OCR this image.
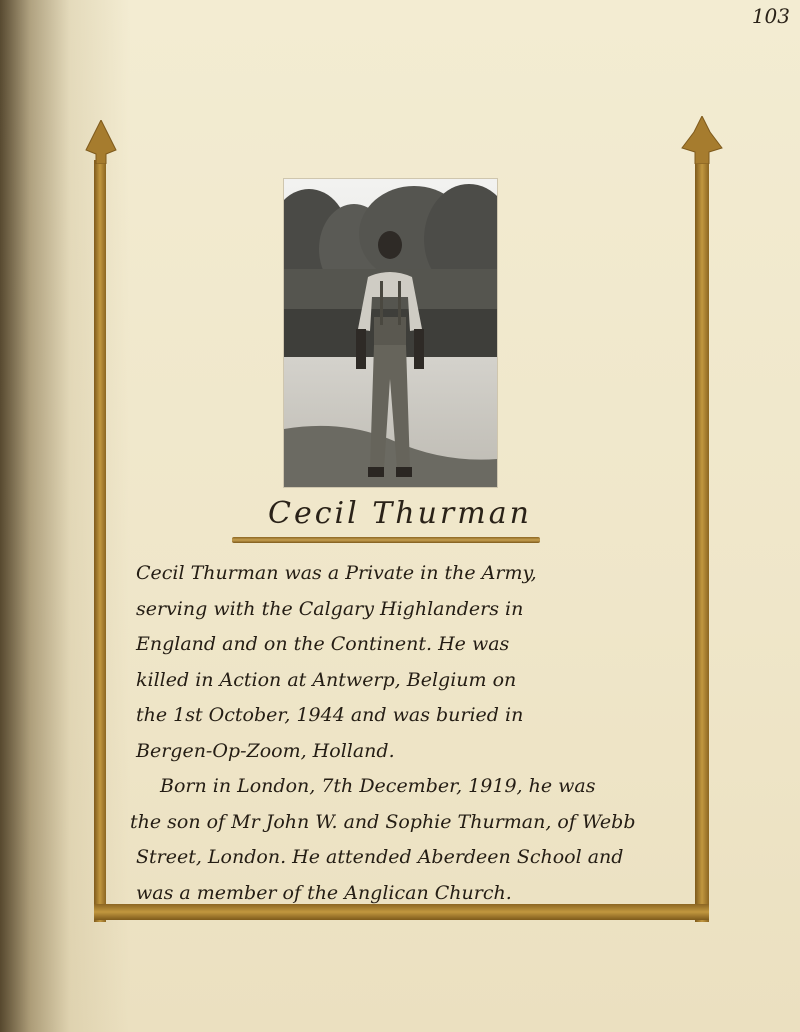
103
Cecil Thurman
Cecil Thurman was a Private in the Army,
serving with the Calgary Highlanders in
England and on the Continent. He was
killed in Action at Antwerp, Belgium on
the 1st October, 1944 and was buried in
Bergen-Op-Zoom, Holland.
Born in London, 7th December, 1919, he was
the son of Mr John W. and Sophie Thurman, of Webb
Street, London. He attended Aberdeen School and
was a member of the Anglican Church.
